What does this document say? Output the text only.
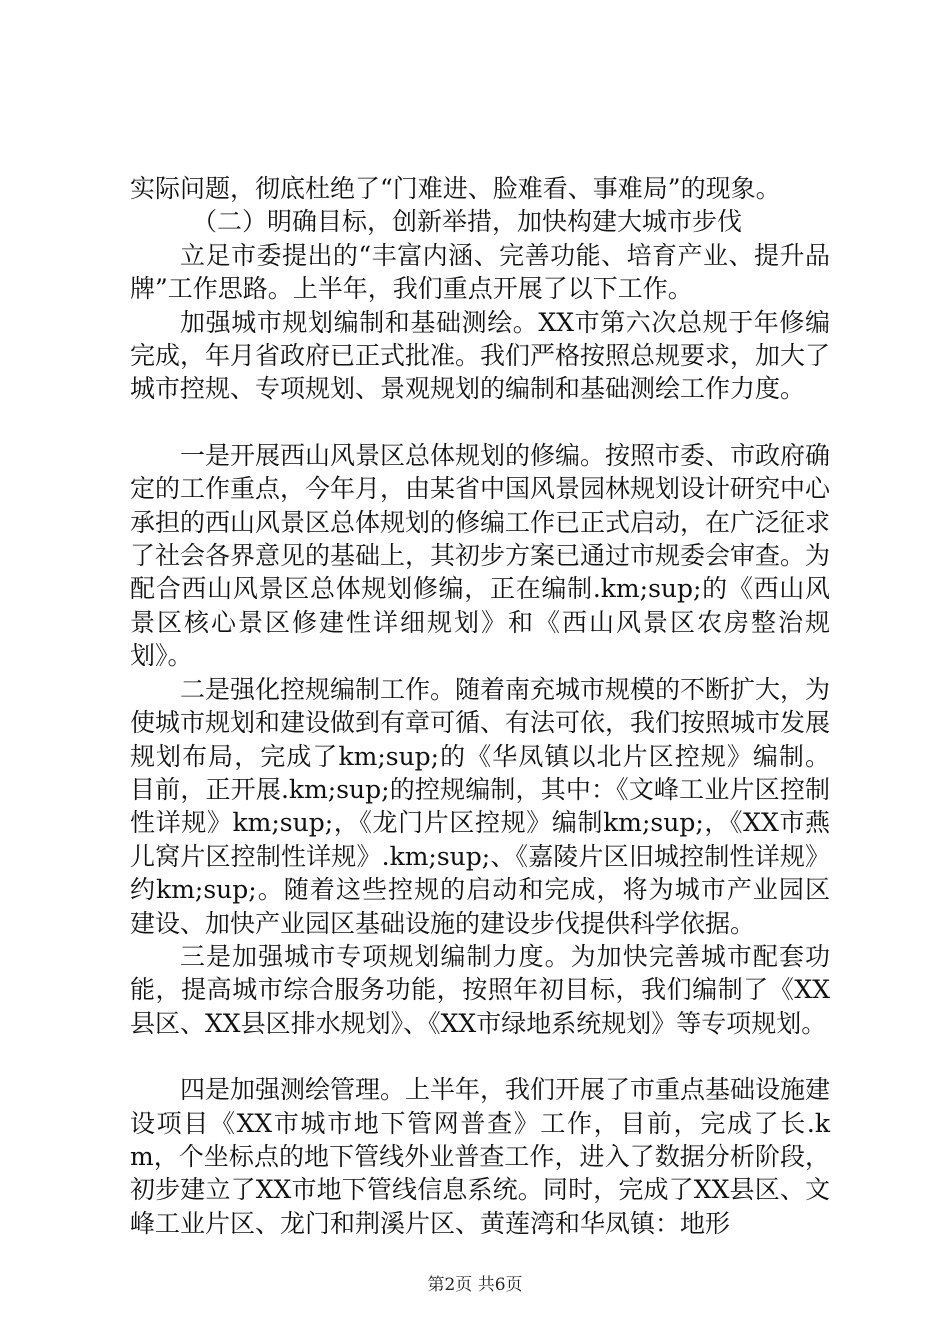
实际问题，彻底杜绝了“门难进、脸难看、事难局”的现象。

（二）明确目标，创新举措，加快构建大城市步伐

立足市委提出的“丰富内涵、完善功能、培育产业、提升品牌”工作思路。上半年，我们重点开展了以下工作。

加强城市规划编制和基础测绘。XX市第六次总规于年修编完成，年月省政府已正式批准。我们严格按照总规要求，加大了城市控规、专项规划、景观规划的编制和基础测绘工作力度。

一是开展西山风景区总体规划的修编。按照市委、市政府确定的工作重点，今年月，由某省中国风景园林规划设计研究中心承担的西山风景区总体规划的修编工作已正式启动，在广泛征求了社会各界意见的基础上，其初步方案已通过市规委会审查。为配合西山风景区总体规划修编，正在编制.km;sup;的《西山风景区核心景区修建性详细规划》和《西山风景区农房整治规划》。

二是强化控规编制工作。随着南充城市规模的不断扩大，为使城市规划和建设做到有章可循、有法可依，我们按照城市发展规划布局，完成了km;sup;的《华凤镇以北片区控规》编制。目前，正开展.km;sup;的控规编制，其中：《文峰工业片区控制性详规》km;sup;，《龙门片区控规》编制km;sup;，《XX市燕儿窝片区控制性详规》.km;sup;、《嘉陵片区旧城控制性详规》约km;sup;。随着这些控规的启动和完成，将为城市产业园区建设、加快产业园区基础设施的建设步伐提供科学依据。

三是加强城市专项规划编制力度。为加快完善城市配套功能，提高城市综合服务功能，按照年初目标，我们编制了《XX县区、XX县区排水规划》、《XX市绿地系统规划》等专项规划。

四是加强测绘管理。上半年，我们开展了市重点基础设施建设项目《XX市城市地下管网普查》工作，目前，完成了长.km，个坐标点的地下管线外业普查工作，进入了数据分析阶段，初步建立了XX市地下管线信息系统。同时，完成了XX县区、文峰工业片区、龙门和荆溪片区、黄莲湾和华凤镇：地形

第2页 共6页
